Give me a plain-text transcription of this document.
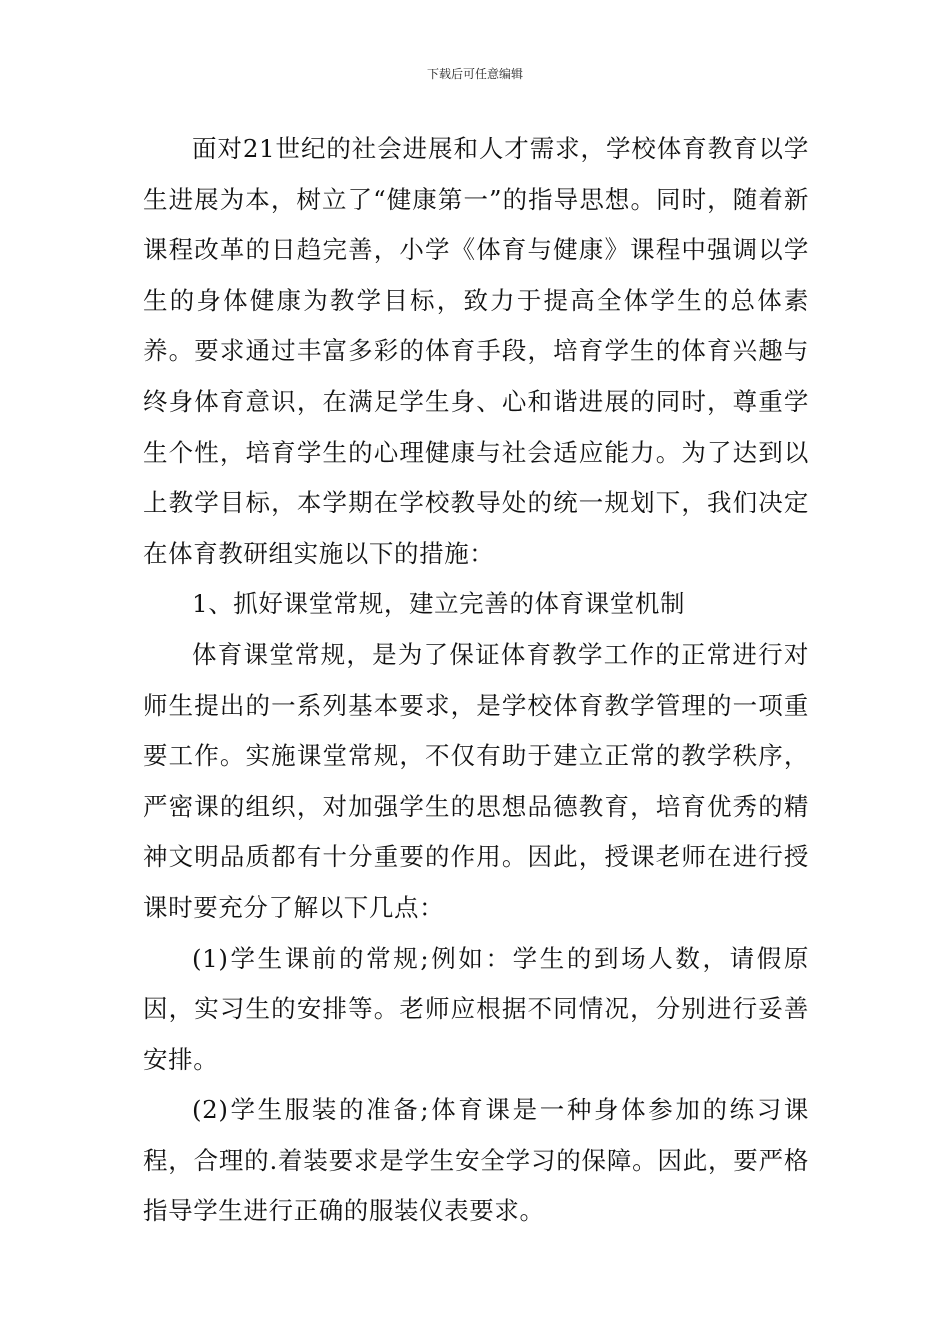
下载后可任意编辑

面对21世纪的社会进展和人才需求，学校体育教育以学生进展为本，树立了“健康第一”的指导思想。同时，随着新课程改革的日趋完善，小学《体育与健康》课程中强调以学生的身体健康为教学目标，致力于提高全体学生的总体素养。要求通过丰富多彩的体育手段，培育学生的体育兴趣与终身体育意识，在满足学生身、心和谐进展的同时，尊重学生个性，培育学生的心理健康与社会适应能力。为了达到以上教学目标，本学期在学校教导处的统一规划下，我们决定在体育教研组实施以下的措施：

1、抓好课堂常规，建立完善的体育课堂机制

体育课堂常规，是为了保证体育教学工作的正常进行对师生提出的一系列基本要求，是学校体育教学管理的一项重要工作。实施课堂常规，不仅有助于建立正常的教学秩序，严密课的组织，对加强学生的思想品德教育，培育优秀的精神文明品质都有十分重要的作用。因此，授课老师在进行授课时要充分了解以下几点：

(1)学生课前的常规;例如：学生的到场人数，请假原因，实习生的安排等。老师应根据不同情况，分别进行妥善安排。

(2)学生服装的准备;体育课是一种身体参加的练习课程，合理的.着装要求是学生安全学习的保障。因此，要严格指导学生进行正确的服装仪表要求。
